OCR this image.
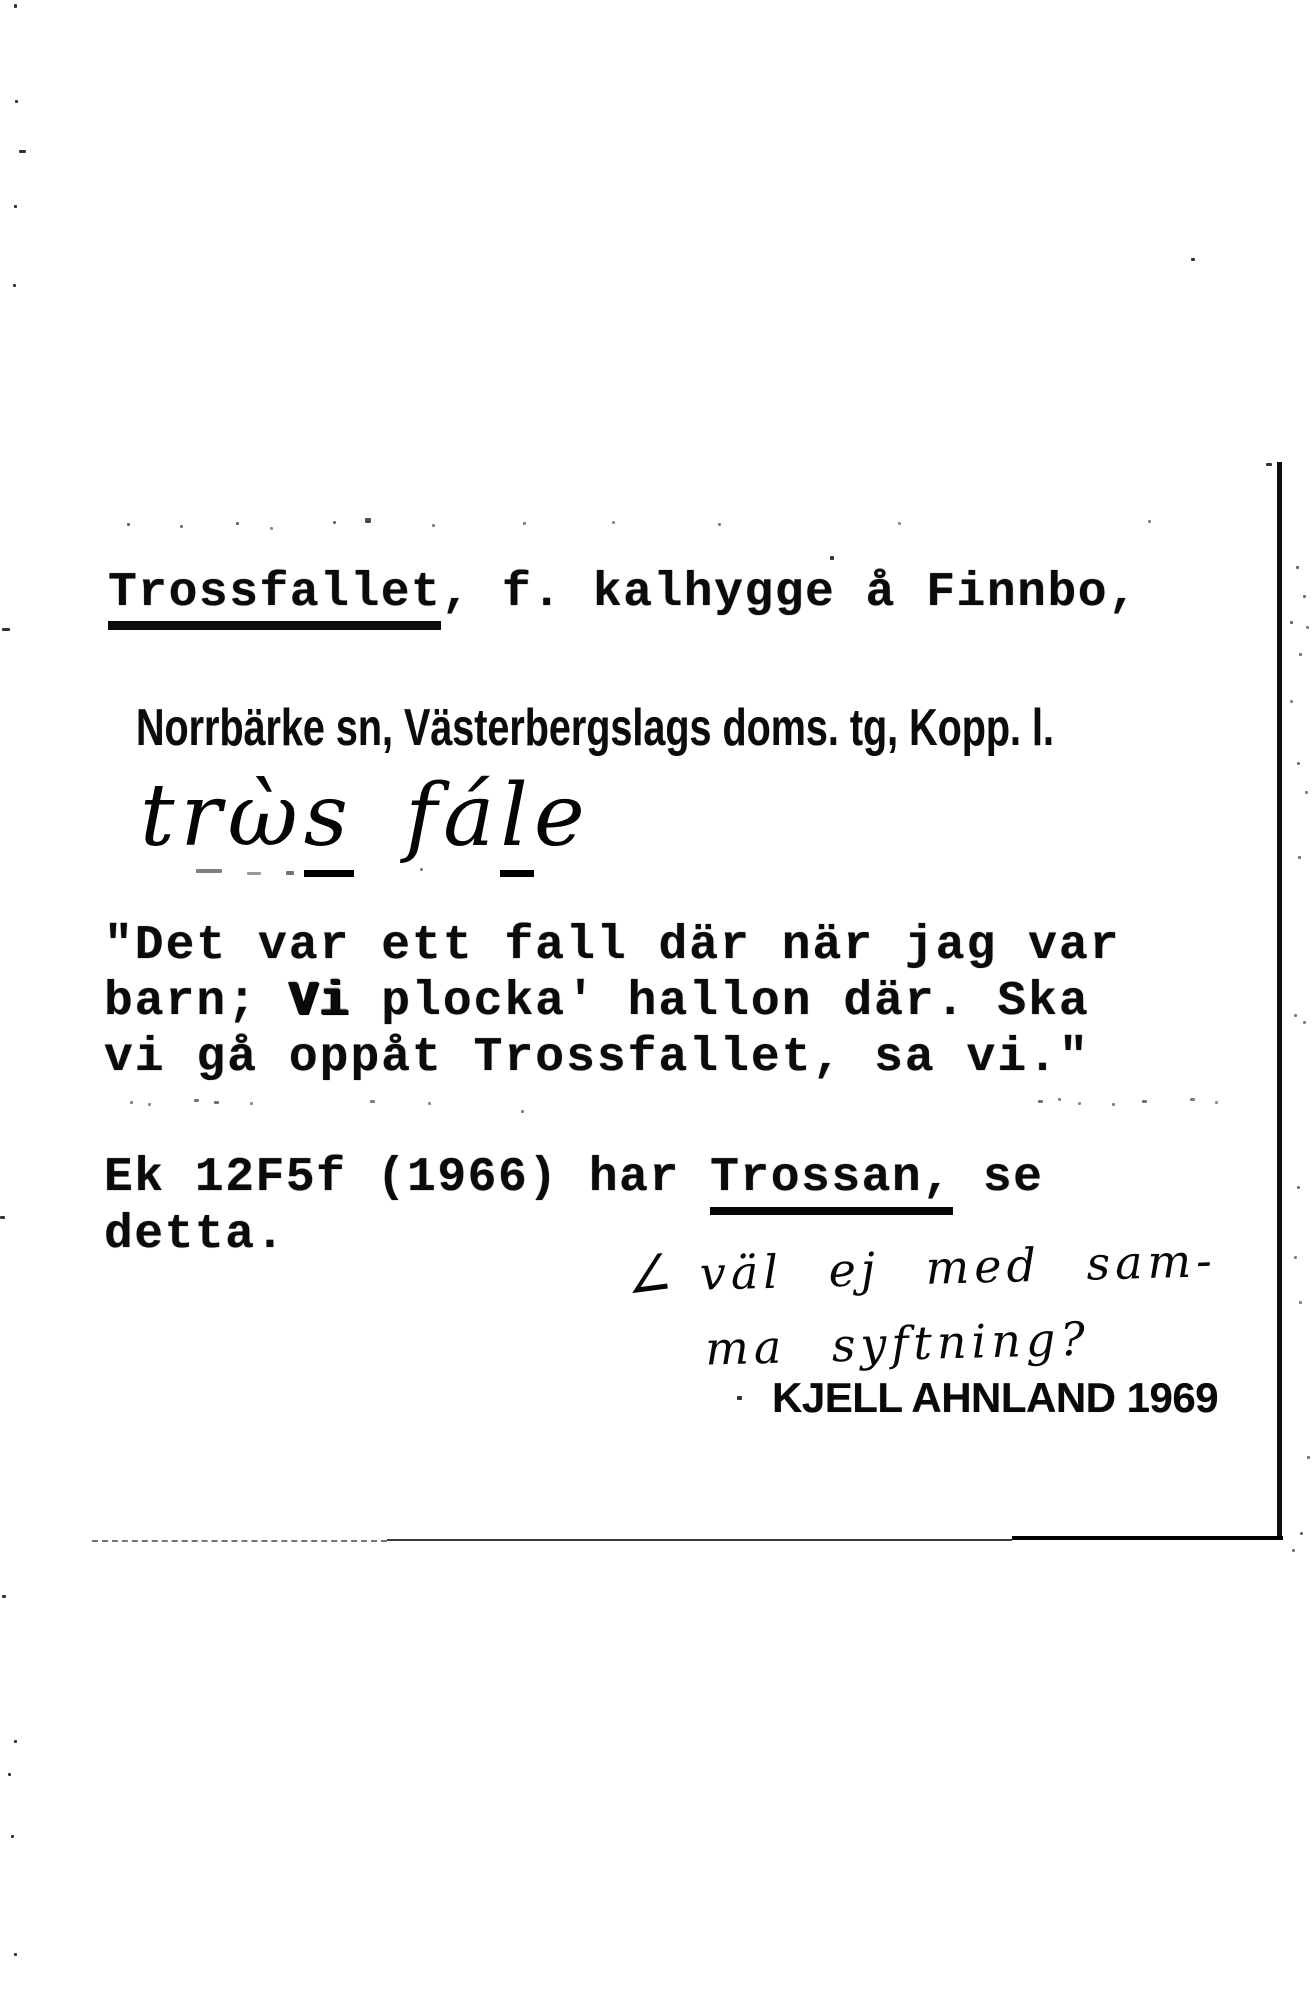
Trossfallet, f. kalhygge å Finnbo,
Norrbärke sn, Västerbergslags doms. tg, Kopp. l.
trὼs fále
"Det var ett fall där när jag var
barn; Vi plocka' hallon där. Ska
vi gå oppåt Trossfallet, sa vi."
Ek 12F5f (1966) har Trossan, se
detta.
∠ väl ej med sam-
ma syftning?
KJELL AHNLAND 1969
